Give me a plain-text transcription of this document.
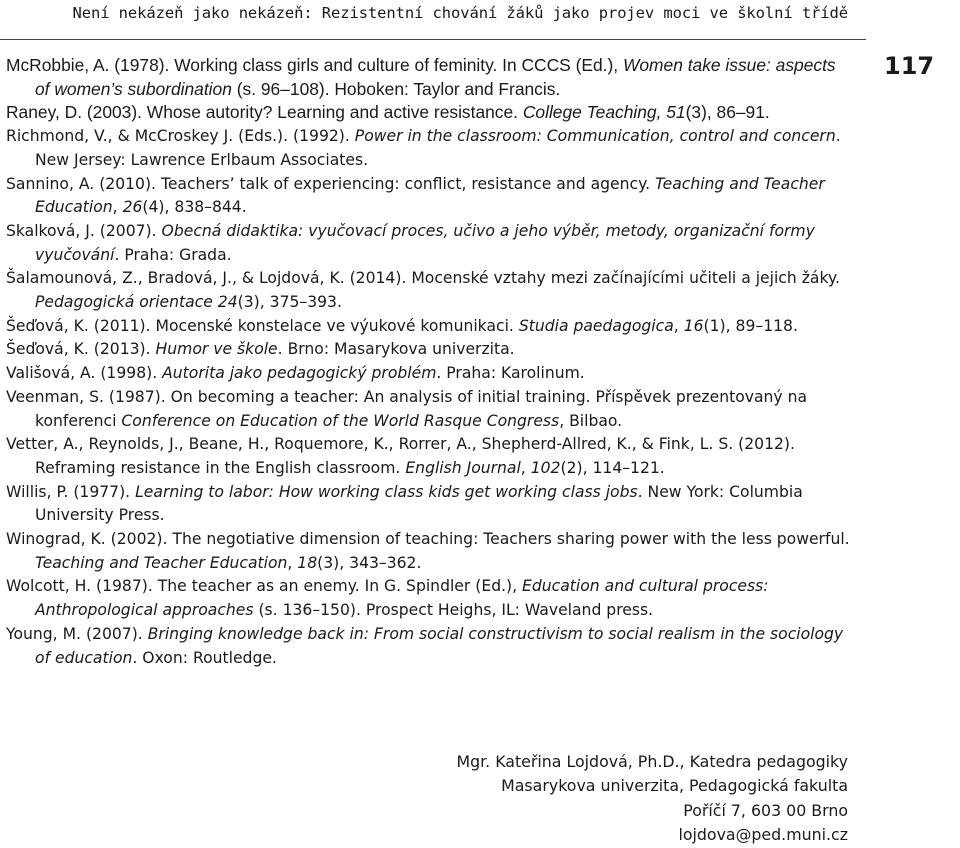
Není nekázeň jako nekázeň: Rezistentní chování žáků jako projev moci ve školní třídě
117
McRobbie, A. (1978). Working class girls and culture of feminity. In CCCS (Ed.), Women take issue: aspects of women’s subordination (s. 96–108). Hoboken: Taylor and Francis.
Raney, D. (2003). Whose autority? Learning and active resistance. College Teaching, 51(3), 86–91.
Richmond, V., & McCroskey J. (Eds.). (1992). Power in the classroom: Communication, control and concern. New Jersey: Lawrence Erlbaum Associates.
Sannino, A. (2010). Teachers’ talk of experiencing: conflict, resistance and agency. Teaching and Teacher Education, 26(4), 838–844.
Skalková, J. (2007). Obecná didaktika: vyučovací proces, učivo a jeho výběr, metody, organizační formy vyučování. Praha: Grada.
Šalamounová, Z., Bradová, J., & Lojdová, K. (2014). Mocenské vztahy mezi začínajícími učiteli a jejich žáky. Pedagogická orientace 24(3), 375–393.
Šeďová, K. (2011). Mocenské konstelace ve výukové komunikaci. Studia paedagogica, 16(1), 89–118.
Šeďová, K. (2013). Humor ve škole. Brno: Masarykova univerzita.
Vališová, A. (1998). Autorita jako pedagogický problém. Praha: Karolinum.
Veenman, S. (1987). On becoming a teacher: An analysis of initial training. Příspěvek prezentovaný na konferenci Conference on Education of the World Rasque Congress, Bilbao.
Vetter, A., Reynolds, J., Beane, H., Roquemore, K., Rorrer, A., Shepherd-Allred, K., & Fink, L. S. (2012). Reframing resistance in the English classroom. English Journal, 102(2), 114–121.
Willis, P. (1977). Learning to labor: How working class kids get working class jobs. New York: Columbia University Press.
Winograd, K. (2002). The negotiative dimension of teaching: Teachers sharing power with the less powerful. Teaching and Teacher Education, 18(3), 343–362.
Wolcott, H. (1987). The teacher as an enemy. In G. Spindler (Ed.), Education and cultural process: Anthropological approaches (s. 136–150). Prospect Heighs, IL: Waveland press.
Young, M. (2007). Bringing knowledge back in: From social constructivism to social realism in the sociology of education. Oxon: Routledge.
Mgr. Kateřina Lojdová, Ph.D., Katedra pedagogiky
Masarykova univerzita, Pedagogická fakulta
Poříčí 7, 603 00 Brno
lojdova@ped.muni.cz
